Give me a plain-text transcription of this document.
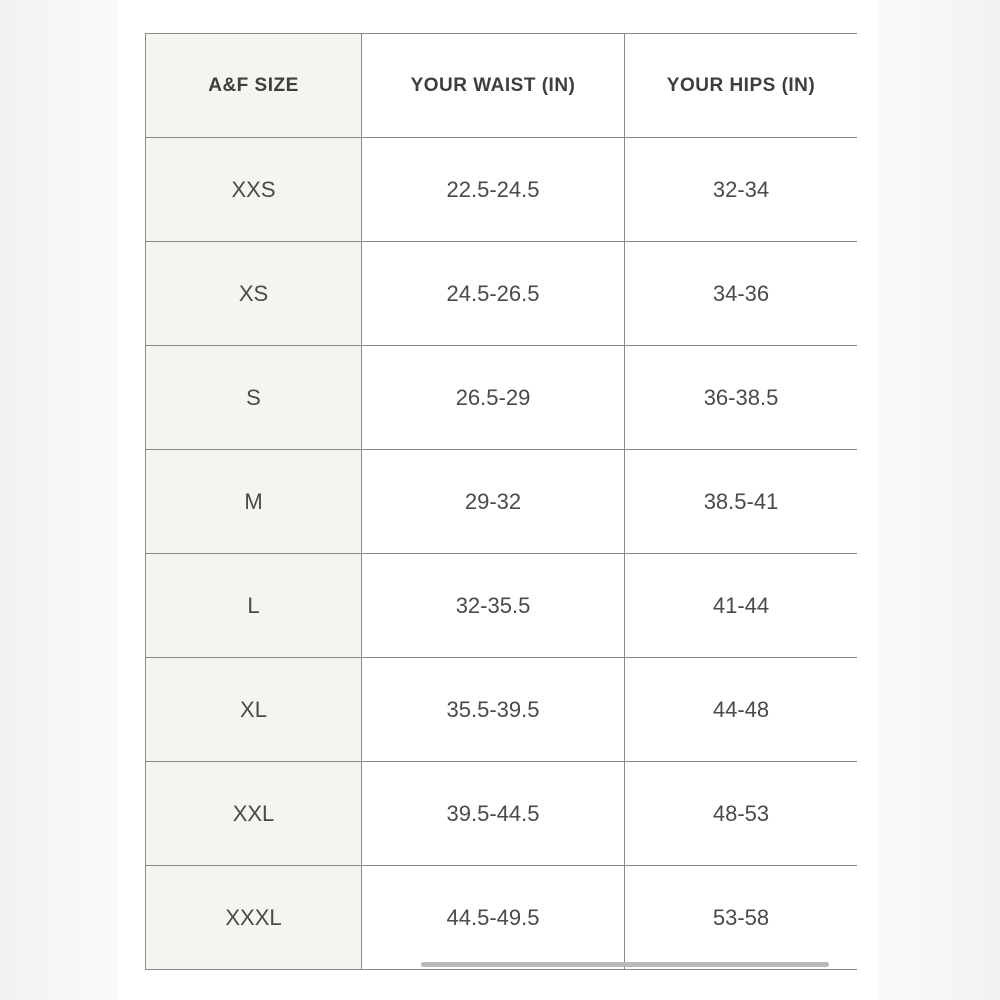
A&F SIZE	YOUR WAIST (IN)	YOUR HIPS (IN)
XXS	22.5-24.5	32-34
XS	24.5-26.5	34-36
S	26.5-29	36-38.5
M	29-32	38.5-41
L	32-35.5	41-44
XL	35.5-39.5	44-48
XXL	39.5-44.5	48-53
XXXL	44.5-49.5	53-58
